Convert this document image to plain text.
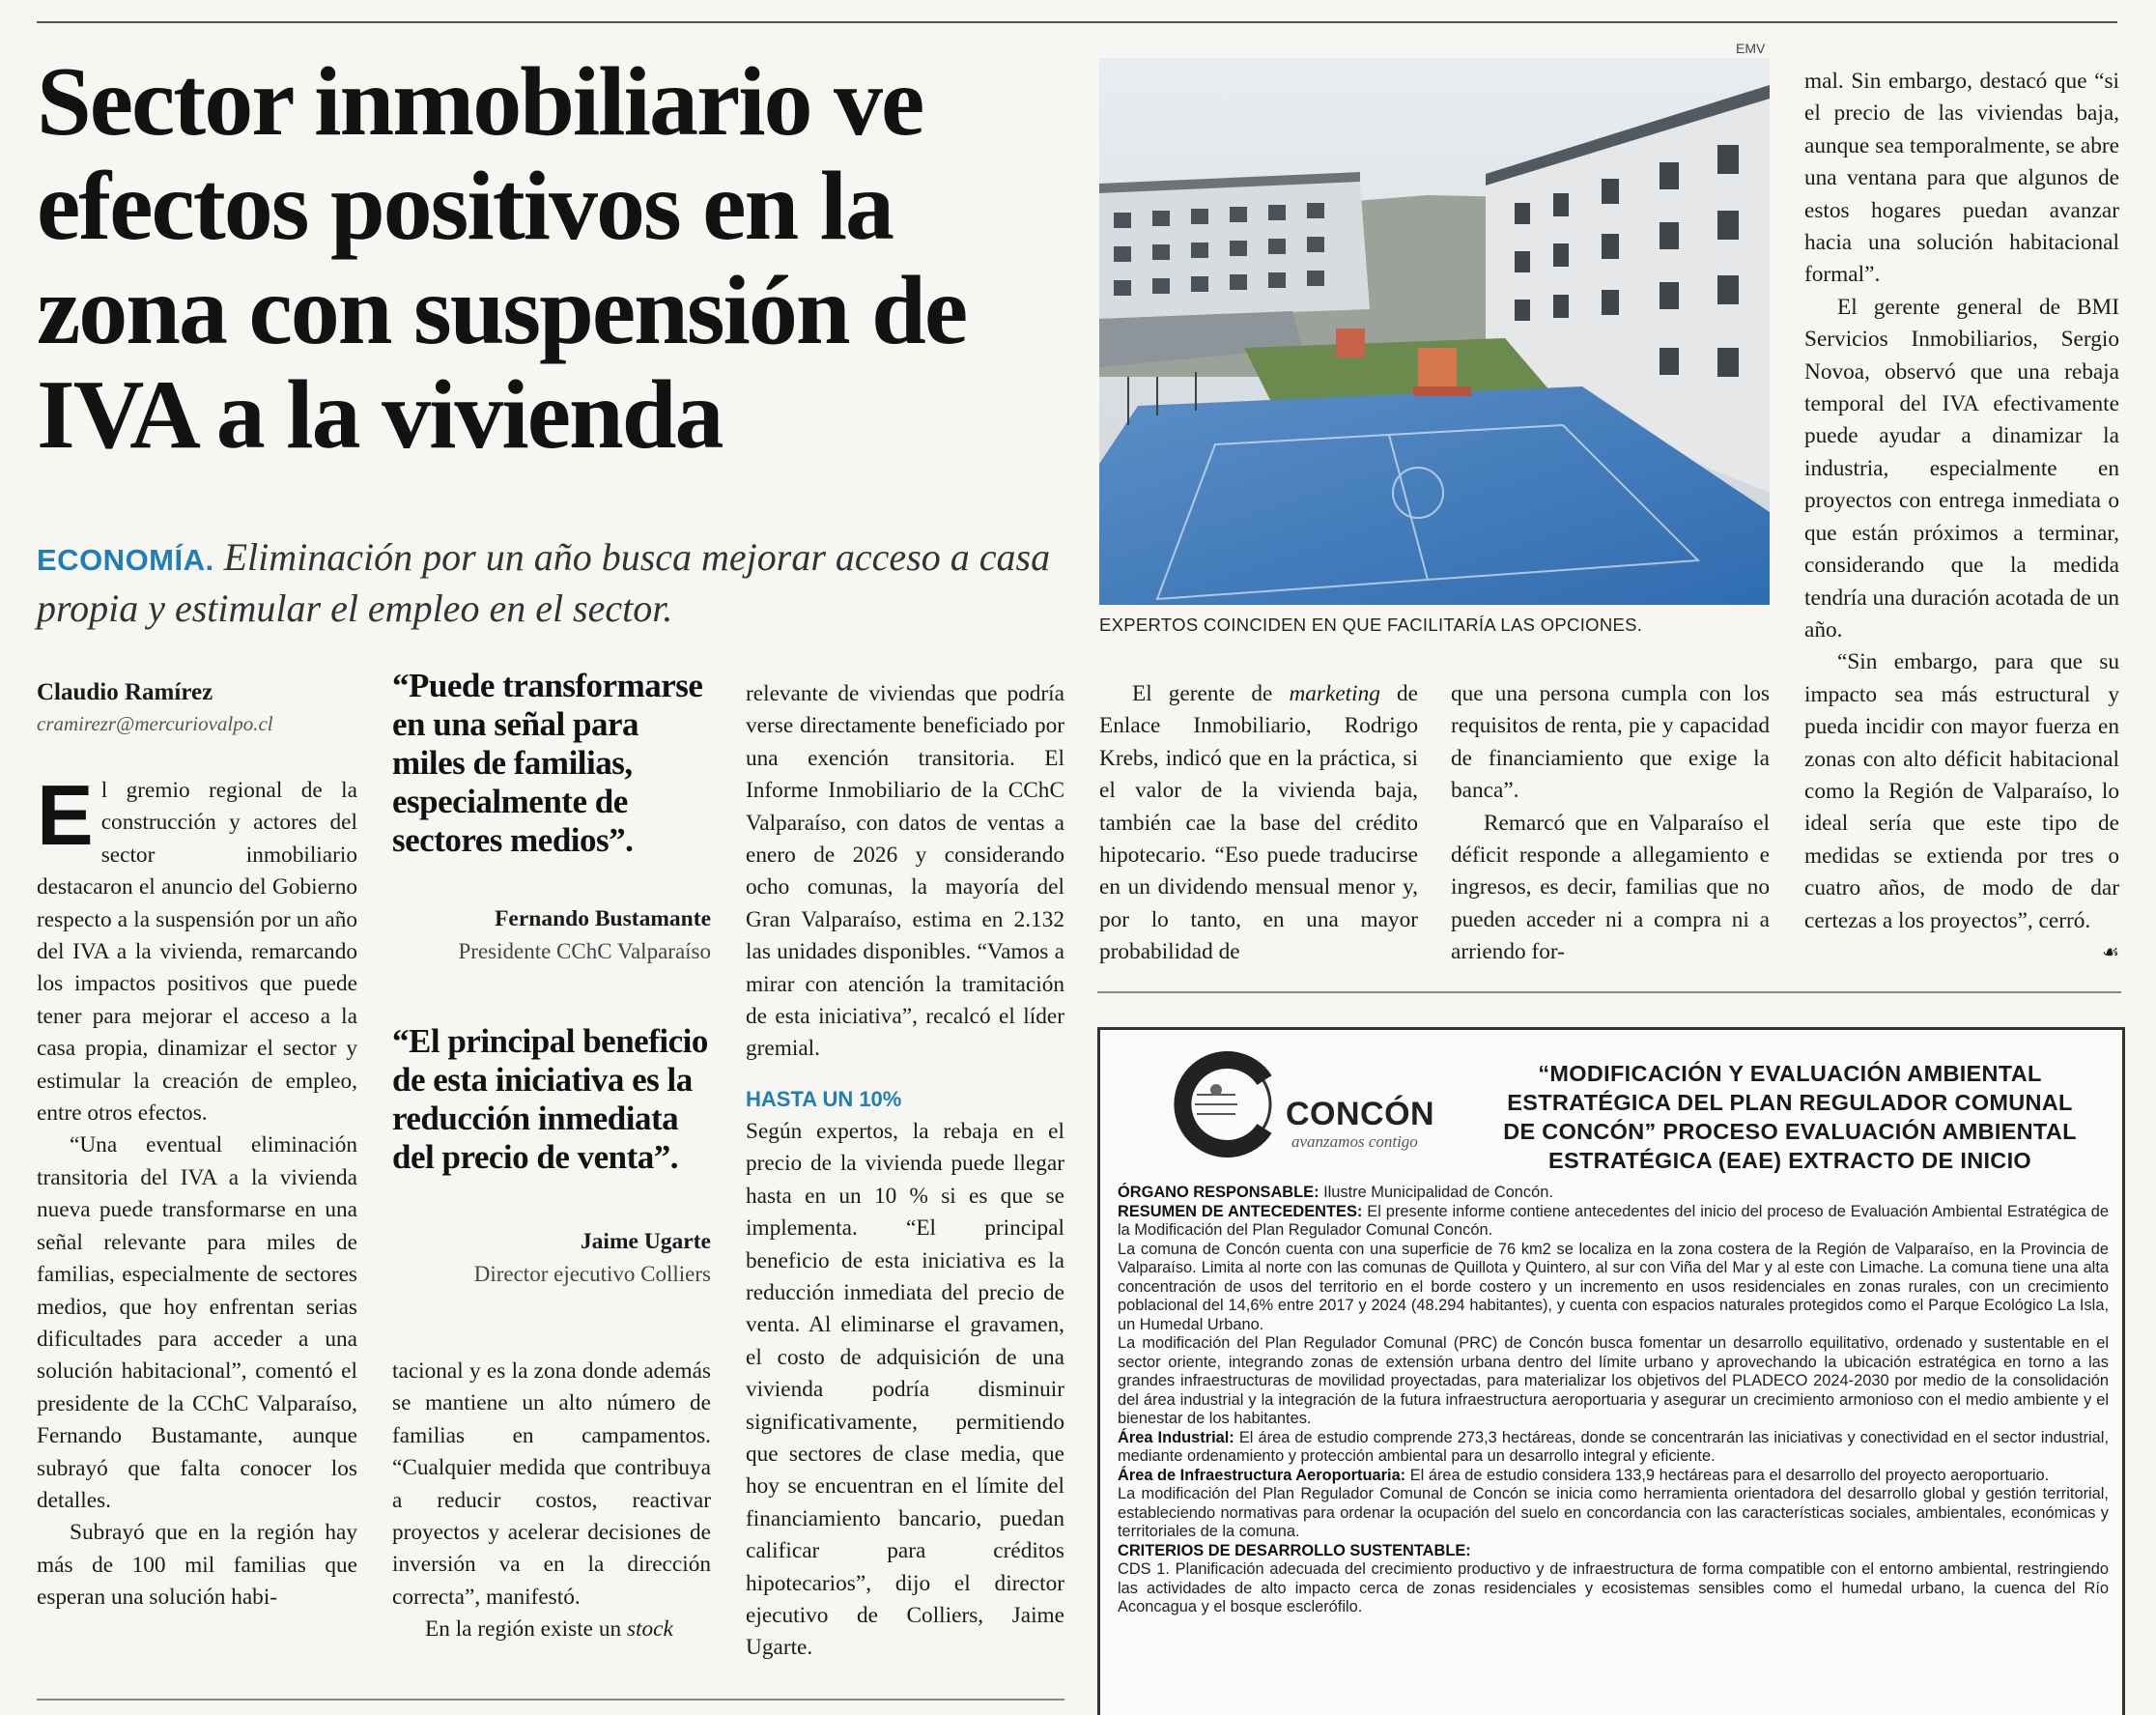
Sector inmobiliario ve efectos positivos en la zona con suspensión de IVA a la vivienda
ECONOMÍA. Eliminación por un año busca mejorar acceso a casa propia y estimular el empleo en el sector.
Claudio Ramírez
cramirezr@mercuriovalpo.cl

El gremio regional de la construcción y actores del sector inmobiliario destacaron el anuncio del Gobierno respecto a la suspensión por un año del IVA a la vivienda, remarcando los impactos positivos que puede tener para mejorar el acceso a la casa propia, dinamizar el sector y estimular la creación de empleo, entre otros efectos.

“Una eventual eliminación transitoria del IVA a la vivienda nueva puede transformarse en una señal relevante para miles de familias, especialmente de sectores medios, que hoy enfrentan serias dificultades para acceder a una solución habitacional”, comentó el presidente de la CChC Valparaíso, Fernando Bustamante, aunque subrayó que falta conocer los detalles.

Subrayó que en la región hay más de 100 mil familias que esperan una solución habi-

“Puede transformarse en una señal para miles de familias, especialmente de sectores medios”.
Fernando Bustamante
Presidente CChC Valparaíso
“El principal beneficio de esta iniciativa es la reducción inmediata del precio de venta”.
Jaime Ugarte
Director ejecutivo Colliers

tacional y es la zona donde además se mantiene un alto número de familias en campamentos. “Cualquier medida que contribuya a reducir costos, reactivar proyectos y acelerar decisiones de inversión va en la dirección correcta”, manifestó.

En la región existe un stock

relevante de viviendas que podría verse directamente beneficiado por una exención transitoria. El Informe Inmobiliario de la CChC Valparaíso, con datos de ventas a enero de 2026 y considerando ocho comunas, la mayoría del Gran Valparaíso, estima en 2.132 las unidades disponibles. “Vamos a mirar con atención la tramitación de esta iniciativa”, recalcó el líder gremial.

HASTA UN 10%

Según expertos, la rebaja en el precio de la vivienda puede llegar hasta en un 10 % si es que se implementa. “El principal beneficio de esta iniciativa es la reducción inmediata del precio de venta. Al eliminarse el gravamen, el costo de adquisición de una vivienda podría disminuir significativamente, permitiendo que sectores de clase media, que hoy se encuentran en el límite del financiamiento bancario, puedan calificar para créditos hipotecarios”, dijo el director ejecutivo de Colliers, Jaime Ugarte.

EMV
EXPERTOS COINCIDEN EN QUE FACILITARÍA LAS OPCIONES.

El gerente de marketing de Enlace Inmobiliario, Rodrigo Krebs, indicó que en la práctica, si el valor de la vivienda baja, también cae la base del crédito hipotecario. “Eso puede traducirse en un dividendo mensual menor y, por lo tanto, en una mayor probabilidad de

que una persona cumpla con los requisitos de renta, pie y capacidad de financiamiento que exige la banca”.

Remarcó que en Valparaíso el déficit responde a allegamiento e ingresos, es decir, familias que no pueden acceder ni a compra ni a arriendo for-

mal. Sin embargo, destacó que “si el precio de las viviendas baja, aunque sea temporalmente, se abre una ventana para que algunos de estos hogares puedan avanzar hacia una solución habitacional formal”.

El gerente general de BMI Servicios Inmobiliarios, Sergio Novoa, observó que una rebaja temporal del IVA efectivamente puede ayudar a dinamizar la industria, especialmente en proyectos con entrega inmediata o que están próximos a terminar, considerando que la medida tendría una duración acotada de un año.

“Sin embargo, para que su impacto sea más estructural y pueda incidir con mayor fuerza en zonas con alto déficit habitacional como la Región de Valparaíso, lo ideal sería que este tipo de medidas se extienda por tres o cuatro años, de modo de dar certezas a los proyectos”, cerró.
☙

CONCÓN
avanzamos contigo
“MODIFICACIÓN Y EVALUACIÓN AMBIENTAL ESTRATÉGICA DEL PLAN REGULADOR COMUNAL DE CONCÓN” PROCESO EVALUACIÓN AMBIENTAL ESTRATÉGICA (EAE) EXTRACTO DE INICIO

ÓRGANO RESPONSABLE: Ilustre Municipalidad de Concón.

RESUMEN DE ANTECEDENTES: El presente informe contiene antecedentes del inicio del proceso de Evaluación Ambiental Estratégica de la Modificación del Plan Regulador Comunal Concón.

La comuna de Concón cuenta con una superficie de 76 km2 se localiza en la zona costera de la Región de Valparaíso, en la Provincia de Valparaíso. Limita al norte con las comunas de Quillota y Quintero, al sur con Viña del Mar y al este con Limache. La comuna tiene una alta concentración de usos del territorio en el borde costero y un incremento en usos residenciales en zonas rurales, con un crecimiento poblacional del 14,6% entre 2017 y 2024 (48.294 habitantes), y cuenta con espacios naturales protegidos como el Parque Ecológico La Isla, un Humedal Urbano.

La modificación del Plan Regulador Comunal (PRC) de Concón busca fomentar un desarrollo equilitativo, ordenado y sustentable en el sector oriente, integrando zonas de extensión urbana dentro del límite urbano y aprovechando la ubicación estratégica en torno a las grandes infraestructuras de movilidad proyectadas, para materializar los objetivos del PLADECO 2024-2030 por medio de la consolidación del área industrial y la integración de la futura infraestructura aeroportuaria y asegurar un crecimiento armonioso con el medio ambiente y el bienestar de los habitantes.

Área Industrial: El área de estudio comprende 273,3 hectáreas, donde se concentrarán las iniciativas y conectividad en el sector industrial, mediante ordenamiento y protección ambiental para un desarrollo integral y eficiente.

Área de Infraestructura Aeroportuaria: El área de estudio considera 133,9 hectáreas para el desarrollo del proyecto aeroportuario.

La modificación del Plan Regulador Comunal de Concón se inicia como herramienta orientadora del desarrollo global y gestión territorial, estableciendo normativas para ordenar la ocupación del suelo en concordancia con las características sociales, ambientales, económicas y territoriales de la comuna.

CRITERIOS DE DESARROLLO SUSTENTABLE:

CDS 1. Planificación adecuada del crecimiento productivo y de infraestructura de forma compatible con el entorno ambiental, restringiendo las actividades de alto impacto cerca de zonas residenciales y ecosistemas sensibles como el humedal urbano, la cuenca del Río Aconcagua y el bosque esclerófilo.
